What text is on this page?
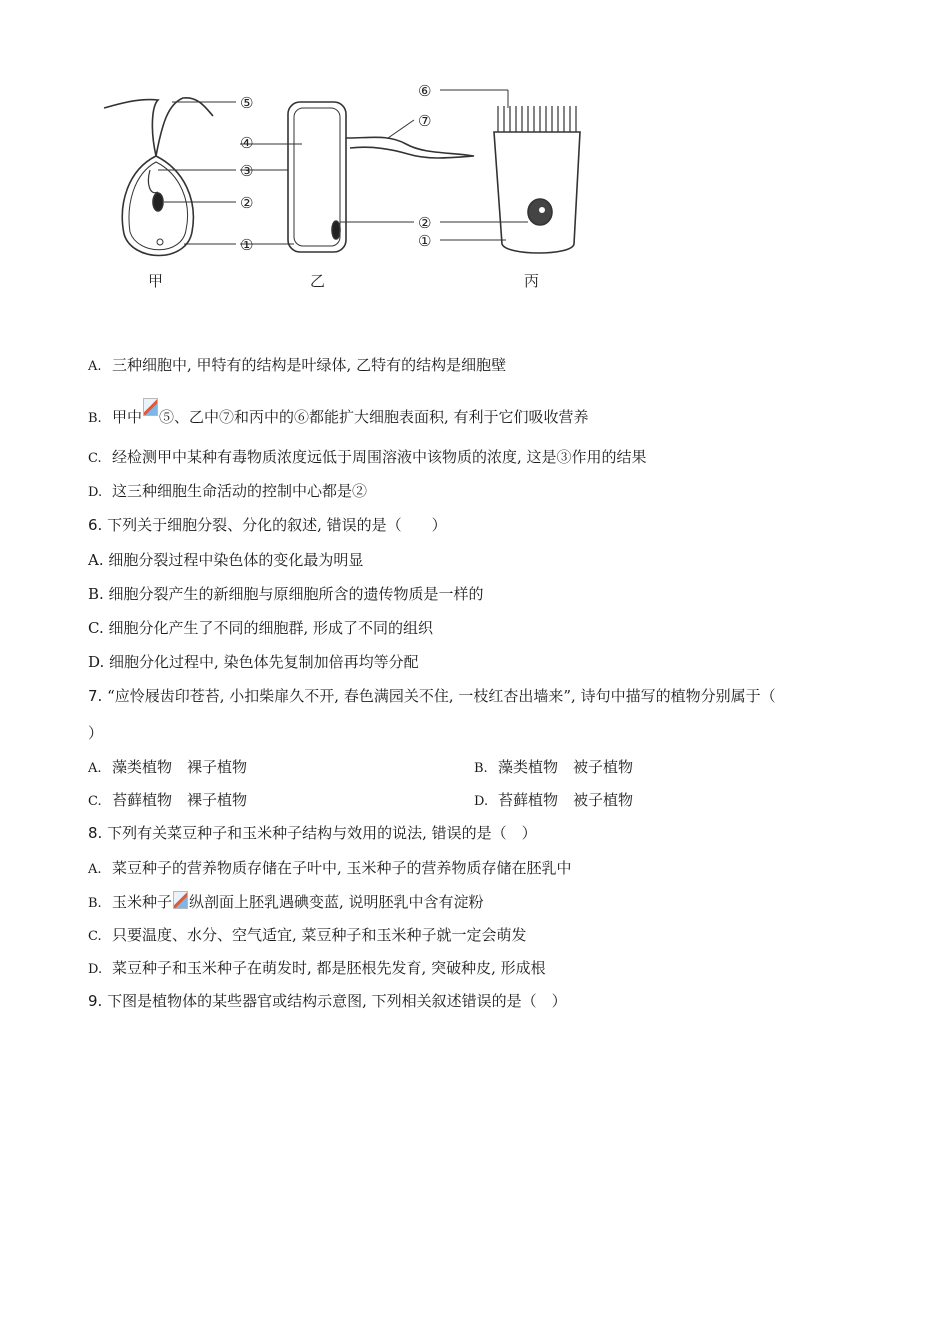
⑤
④
③
②
①
⑦
⑥
②
①
甲	乙	丙
A. 三种细胞中, 甲特有的结构是叶绿体, 乙特有的结构是细胞壁
B. 甲中 ⑤、乙中⑦和丙中的⑥都能扩大细胞表面积, 有利于它们吸收营养
C. 经检测甲中某种有毒物质浓度远低于周围溶液中该物质的浓度, 这是③作用的结果
D. 这三种细胞生命活动的控制中心都是②
6. 下列关于细胞分裂、分化的叙述, 错误的是（　　）
A. 细胞分裂过程中染色体的变化最为明显
B. 细胞分裂产生的新细胞与原细胞所含的遗传物质是一样的
C. 细胞分化产生了不同的细胞群, 形成了不同的组织
D. 细胞分化过程中, 染色体先复制加倍再均等分配
7. “应怜屐齿印苍苔, 小扣柴扉久不开, 春色满园关不住, 一枝红杏出墙来”, 诗句中描写的植物分别属于（
）
A. 藻类植物　裸子植物	B. 藻类植物　被子植物
C. 苔藓植物　裸子植物	D. 苔藓植物　被子植物
8. 下列有关菜豆种子和玉米种子结构与效用的说法, 错误的是（　）
A. 菜豆种子的营养物质存储在子叶中, 玉米种子的营养物质存储在胚乳中
B. 玉米种子 纵剖面上胚乳遇碘变蓝, 说明胚乳中含有淀粉
C. 只要温度、水分、空气适宜, 菜豆种子和玉米种子就一定会萌发
D. 菜豆种子和玉米种子在萌发时, 都是胚根先发育, 突破种皮, 形成根
9. 下图是植物体的某些器官或结构示意图, 下列相关叙述错误的是（　）
